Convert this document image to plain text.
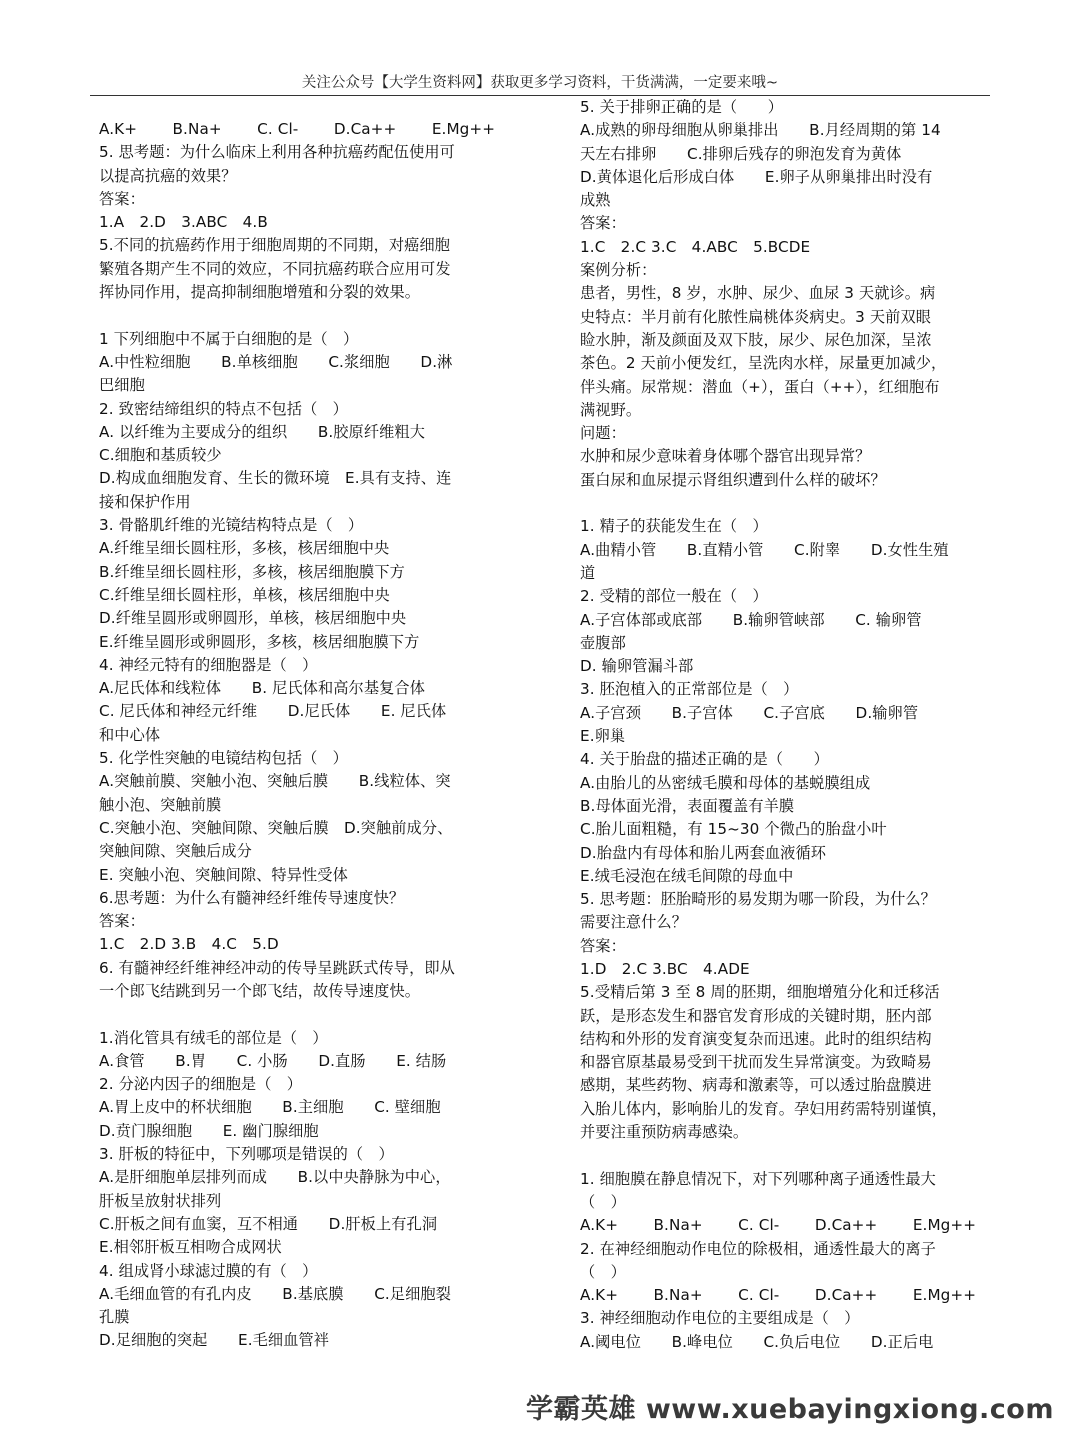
关注公众号【大学生资料网】获取更多学习资料，干货满满，一定要来哦~
A.K+　　 B.Na+　　 C. Cl-　　 D.Ca++　　 E.Mg++
5. 思考题：为什么临床上利用各种抗癌药配伍使用可
以提高抗癌的效果？
答案：
1.A　2.D　3.ABC　4.B
5.不同的抗癌药作用于细胞周期的不同期，对癌细胞
繁殖各期产生不同的效应，不同抗癌药联合应用可发
挥协同作用，提高抑制细胞增殖和分裂的效果。
1 下列细胞中不属于白细胞的是（　）
A.中性粒细胞　　B.单核细胞　　C.浆细胞　　D.淋
巴细胞
2. 致密结缔组织的特点不包括（　）
A. 以纤维为主要成分的组织　　B.胶原纤维粗大
C.细胞和基质较少
D.构成血细胞发育、生长的微环境　E.具有支持、连
接和保护作用
3. 骨骼肌纤维的光镜结构特点是（　）
A.纤维呈细长圆柱形，多核，核居细胞中央
B.纤维呈细长圆柱形，多核，核居细胞膜下方
C.纤维呈细长圆柱形，单核，核居细胞中央
D.纤维呈圆形或卵圆形，单核，核居细胞中央
E.纤维呈圆形或卵圆形，多核，核居细胞膜下方
4. 神经元特有的细胞器是（　）
A.尼氏体和线粒体　　B. 尼氏体和高尔基复合体
C. 尼氏体和神经元纤维　　D.尼氏体　　E. 尼氏体
和中心体
5. 化学性突触的电镜结构包括（　）
A.突触前膜、突触小泡、突触后膜　　B.线粒体、突
触小泡、突触前膜
C.突触小泡、突触间隙、突触后膜　D.突触前成分、
突触间隙、突触后成分
E. 突触小泡、突触间隙、特异性受体
6.思考题：为什么有髓神经纤维传导速度快？
答案：
1.C　2.D 3.B　4.C　5.D
6. 有髓神经纤维神经冲动的传导呈跳跃式传导，即从
一个郎飞结跳到另一个郎飞结，故传导速度快。
1.消化管具有绒毛的部位是（　）
A.食管　　B.胃　　C. 小肠　　D.直肠　　E. 结肠
2. 分泌内因子的细胞是（　）
A.胃上皮中的杯状细胞　　B.主细胞　　C. 壁细胞
D.贲门腺细胞　　E. 幽门腺细胞
3. 肝板的特征中，下列哪项是错误的（　）
A.是肝细胞单层排列而成　　B.以中央静脉为中心，
肝板呈放射状排列
C.肝板之间有血窦，互不相通　　D.肝板上有孔洞
E.相邻肝板互相吻合成网状
4. 组成肾小球滤过膜的有（　）
A.毛细血管的有孔内皮　　B.基底膜　　C.足细胞裂
孔膜
D.足细胞的突起　　E.毛细血管袢
5. 关于排卵正确的是（　　）
A.成熟的卵母细胞从卵巢排出　　B.月经周期的第 14
天左右排卵　　C.排卵后残存的卵泡发育为黄体
D.黄体退化后形成白体　　E.卵子从卵巢排出时没有
成熟
答案：
1.C　2.C 3.C　4.ABC　5.BCDE
案例分析：
患者，男性，8 岁，水肿、尿少、血尿 3 天就诊。病
史特点：半月前有化脓性扁桃体炎病史。3 天前双眼
睑水肿，渐及颜面及双下肢，尿少、尿色加深，呈浓
茶色。2 天前小便发红，呈洗肉水样，尿量更加减少，
伴头痛。尿常规：潜血（+），蛋白（++），红细胞布
满视野。
问题：
水肿和尿少意味着身体哪个器官出现异常？
蛋白尿和血尿提示肾组织遭到什么样的破坏？
1. 精子的获能发生在（　）
A.曲精小管　　B.直精小管　　C.附睾　　D.女性生殖
道
2. 受精的部位一般在（　）
A.子宫体部或底部　　B.输卵管峡部　　C. 输卵管
壶腹部
D. 输卵管漏斗部
3. 胚泡植入的正常部位是（　）
A.子宫颈　　B.子宫体　　C.子宫底　　D.输卵管
E.卵巢
4. 关于胎盘的描述正确的是（　　）
A.由胎儿的丛密绒毛膜和母体的基蜕膜组成
B.母体面光滑，表面覆盖有羊膜
C.胎儿面粗糙，有 15~30 个微凸的胎盘小叶
D.胎盘内有母体和胎儿两套血液循环
E.绒毛浸泡在绒毛间隙的母血中
5. 思考题：胚胎畸形的易发期为哪一阶段，为什么？
需要注意什么？
答案：
1.D　2.C 3.BC　4.ADE
5.受精后第 3 至 8 周的胚期，细胞增殖分化和迁移活
跃，是形态发生和器官发育形成的关键时期，胚内部
结构和外形的发育演变复杂而迅速。此时的组织结构
和器官原基最易受到干扰而发生异常演变。为致畸易
感期，某些药物、病毒和激素等，可以透过胎盘膜进
入胎儿体内，影响胎儿的发育。孕妇用药需特别谨慎，
并要注重预防病毒感染。
1. 细胞膜在静息情况下，对下列哪种离子通透性最大
（　）
A.K+　　 B.Na+　　 C. Cl-　　 D.Ca++　　 E.Mg++
2. 在神经细胞动作电位的除极相，通透性最大的离子
（　）
A.K+　　 B.Na+　　 C. Cl-　　 D.Ca++　　 E.Mg++
3. 神经细胞动作电位的主要组成是（　）
A.阈电位　　B.峰电位　　C.负后电位　　D.正后电
学霸英雄 www.xuebayingxiong.com
